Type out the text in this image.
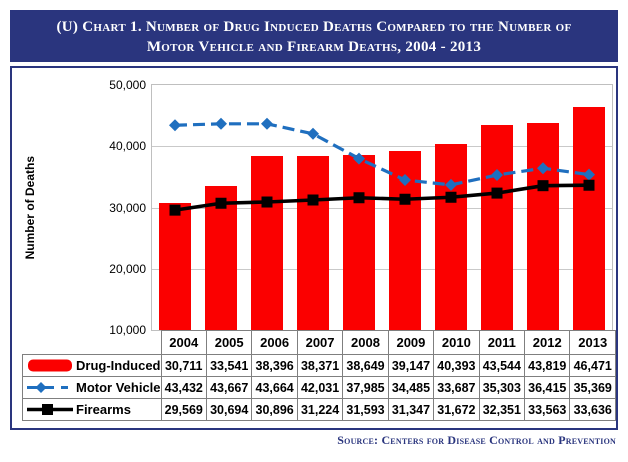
(U) Chart 1. Number of Drug Induced Deaths Compared to the Number of
Motor Vehicle and Firearm Deaths, 2004 - 2013
Number of Deaths
50,000
40,000
30,000
20,000
10,000
	2004	2005	2006	2007	2008	2009	2010	2011	2012	2013

Drug-Induced	30,711	33,541	38,396	38,371	38,649	39,147	40,393	43,544	43,819	46,471

Motor Vehicle	43,432	43,667	43,664	42,031	37,985	34,485	33,687	35,303	36,415	35,369

Firearms	29,569	30,694	30,896	31,224	31,593	31,347	31,672	32,351	33,563	33,636
Source: Centers for Disease Control and Prevention
